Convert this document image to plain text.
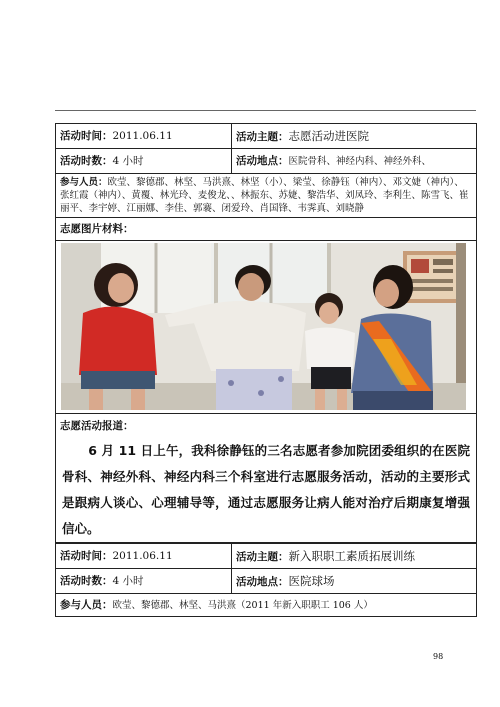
活动时间：2011.06.11	活动主题：志愿活动进医院
活动时数：4 小时	活动地点：医院骨科、神经内科、神经外科、
参与人员：欧莹、黎德郡、林坚、马洪熹、林坚（小）、梁莹、徐静钰（神内）、邓文婕（神内）、张红霞（神内）、黄覆、林光玲、麦俊龙、、林振东、苏婕、黎浩华、刘凤玲、李利生、陈雪飞、崔丽平、李宇婷、江丽娜、李佳、郭褰、闭爱玲、肖国锋、韦霁真、刘晓静	
志愿图片材料：	

志愿活动报道：	

6 月 11 日上午，我科徐静钰的三名志愿者参加院团委组织的在医院骨科、神经外科、神经内科三个科室进行志愿服务活动，活动的主要形式是跟病人谈心、心理辅导等，通过志愿服务让病人能对治疗后期康复增强信心。	

活动时间：2011.06.11	活动主题：新入职职工素质拓展训练
活动时数：4 小时	活动地点：医院球场
参与人员：欧莹、黎德郡、林坚、马洪熹（2011 年新入职职工 106 人）	
98
